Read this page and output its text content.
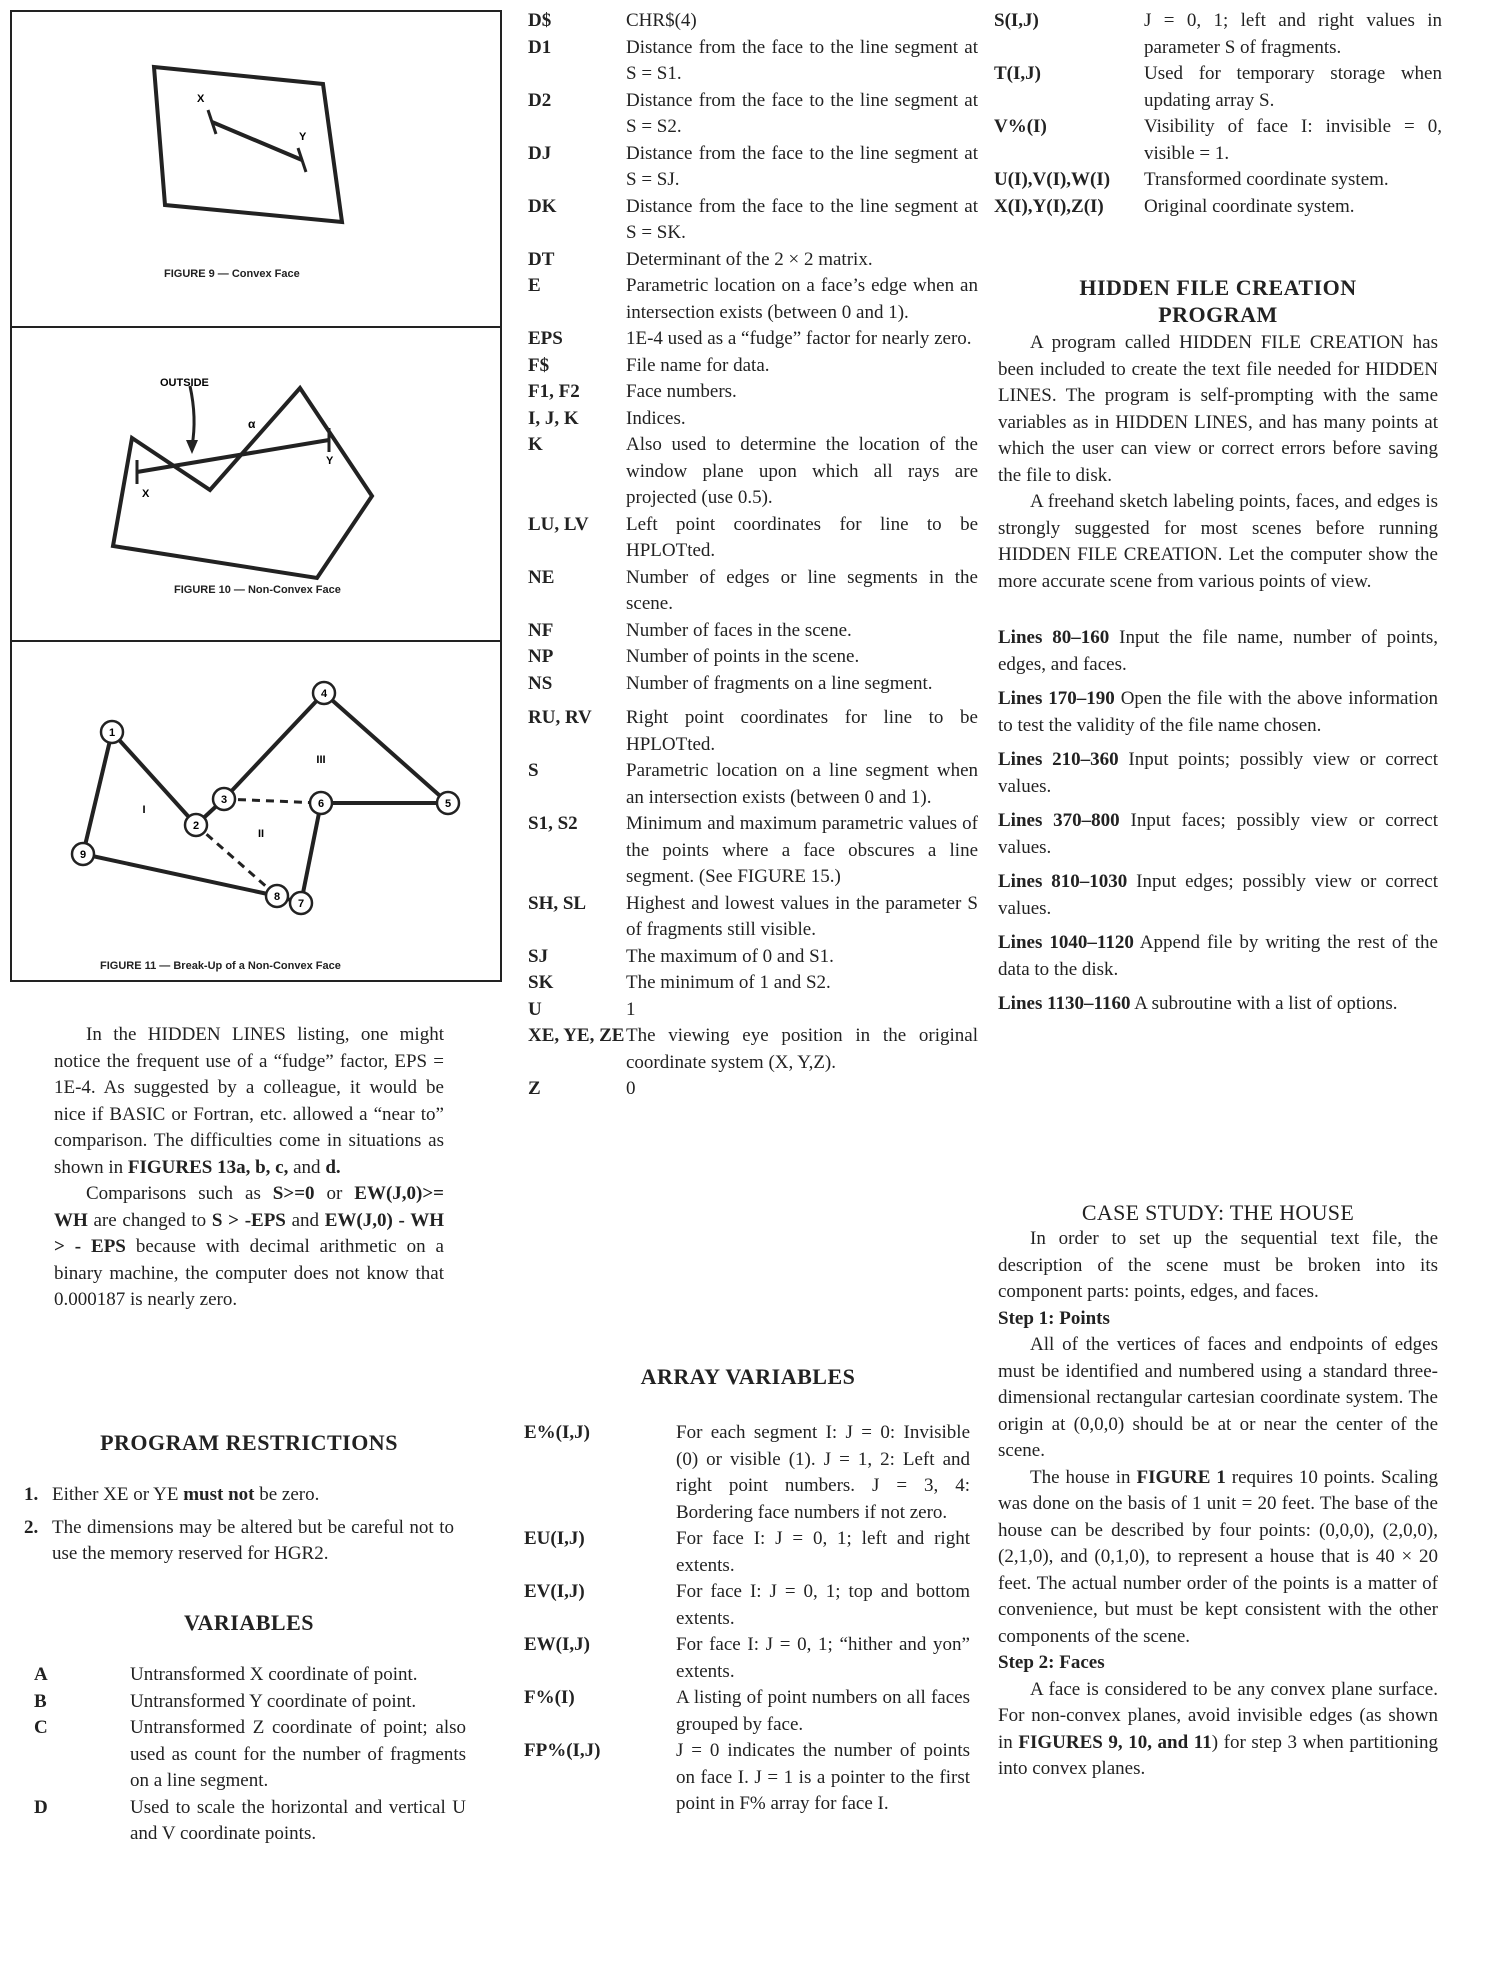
X
Y
FIGURE 9 — Convex Face
OUTSIDE
α
X
Y
FIGURE 10 — Non-Convex Face
1
2
3
4
5
6
7
8
9
I
II
III
FIGURE 11 — Break-Up of a Non-Convex Face
In the HIDDEN LINES listing, one might notice the frequent use of a “fudge” factor, EPS = 1E-4. As suggested by a colleague, it would be nice if BASIC or Fortran, etc. allowed a “near to” comparison. The difficulties come in situations as shown in FIGURES 13a, b, c, and d.
Comparisons such as S>=0 or EW(J,0)>= WH are changed to S > -EPS and EW(J,0) - WH > - EPS because with decimal arithmetic on a binary machine, the computer does not know that 0.000187 is nearly zero.
PROGRAM RESTRICTIONS
1. Either XE or YE must not be zero.
2. The dimensions may be altered but be careful not to use the memory reserved for HGR2.
VARIABLES
A	Untransformed X coordinate of point.
B	Untransformed Y coordinate of point.
C	Untransformed Z coordinate of point; also used as count for the number of fragments on a line segment.
D	Used to scale the horizontal and vertical U and V coordinate points.
D$	CHR$(4)
D1	Distance from the face to the line segment at S = S1.
D2	Distance from the face to the line segment at S = S2.
DJ	Distance from the face to the line segment at S = SJ.
DK	Distance from the face to the line segment at S = SK.
DT	Determinant of the 2 × 2 matrix.
E	Parametric location on a face’s edge when an intersection exists (between 0 and 1).
EPS	1E-4 used as a “fudge” factor for nearly zero.
F$	File name for data.
F1, F2	Face numbers.
I, J, K	Indices.
K	Also used to determine the location of the window plane upon which all rays are projected (use 0.5).
LU, LV	Left point coordinates for line to be HPLOTted.
NE	Number of edges or line segments in the scene.
NF	Number of faces in the scene.
NP	Number of points in the scene.
NS	Number of fragments on a line segment.
RU, RV	Right point coordinates for line to be HPLOTted.
S	Parametric location on a line segment when an intersection exists (between 0 and 1).
S1, S2	Minimum and maximum parametric values of the points where a face obscures a line segment. (See FIGURE 15.)
SH, SL	Highest and lowest values in the parameter S of fragments still visible.
SJ	The maximum of 0 and S1.
SK	The minimum of 1 and S2.
U	1
XE, YE, ZE	The viewing eye position in the original coordinate system (X, Y,Z).
Z	0
ARRAY VARIABLES
E%(I,J)	For each segment I: J = 0: Invisible (0) or visible (1). J = 1, 2: Left and right point numbers. J = 3, 4: Bordering face numbers if not zero.
EU(I,J)	For face I: J = 0, 1; left and right extents.
EV(I,J)	For face I: J = 0, 1; top and bottom extents.
EW(I,J)	For face I: J = 0, 1; “hither and yon” extents.
F%(I)	A listing of point numbers on all faces grouped by face.
FP%(I,J)	J = 0 indicates the number of points on face I. J = 1 is a pointer to the first point in F% array for face I.
S(I,J)	J = 0, 1; left and right values in parameter S of fragments.
T(I,J)	Used for temporary storage when updating array S.
V%(I)	Visibility of face I: invisible = 0, visible = 1.
U(I),V(I),W(I)	Transformed coordinate system.
X(I),Y(I),Z(I)	Original coordinate system.
HIDDEN FILE CREATION
PROGRAM
A program called HIDDEN FILE CREATION has been included to create the text file needed for HIDDEN LINES. The program is self-prompting with the same variables as in HIDDEN LINES, and has many points at which the user can view or correct errors before saving the file to disk.
A freehand sketch labeling points, faces, and edges is strongly suggested for most scenes before running HIDDEN FILE CREATION. Let the computer show the more accurate scene from various points of view.
Lines 80–160 Input the file name, number of points, edges, and faces.
Lines 170–190 Open the file with the above information to test the validity of the file name chosen.
Lines 210–360 Input points; possibly view or correct values.
Lines 370–800 Input faces; possibly view or correct values.
Lines 810–1030 Input edges; possibly view or correct values.
Lines 1040–1120 Append file by writing the rest of the data to the disk.
Lines 1130–1160 A subroutine with a list of options.
CASE STUDY: THE HOUSE
In order to set up the sequential text file, the description of the scene must be broken into its component parts: points, edges, and faces.
Step 1: Points
All of the vertices of faces and endpoints of edges must be identified and numbered using a standard three-dimensional rectangular cartesian coordinate system. The origin at (0,0,0) should be at or near the center of the scene.
The house in FIGURE 1 requires 10 points. Scaling was done on the basis of 1 unit = 20 feet. The base of the house can be described by four points: (0,0,0), (2,0,0), (2,1,0), and (0,1,0), to represent a house that is 40 × 20 feet. The actual number order of the points is a matter of convenience, but must be kept consistent with the other components of the scene.
Step 2: Faces
A face is considered to be any convex plane surface. For non-convex planes, avoid invisible edges (as shown in FIGURES 9, 10, and 11) for step 3 when partitioning into convex planes.
